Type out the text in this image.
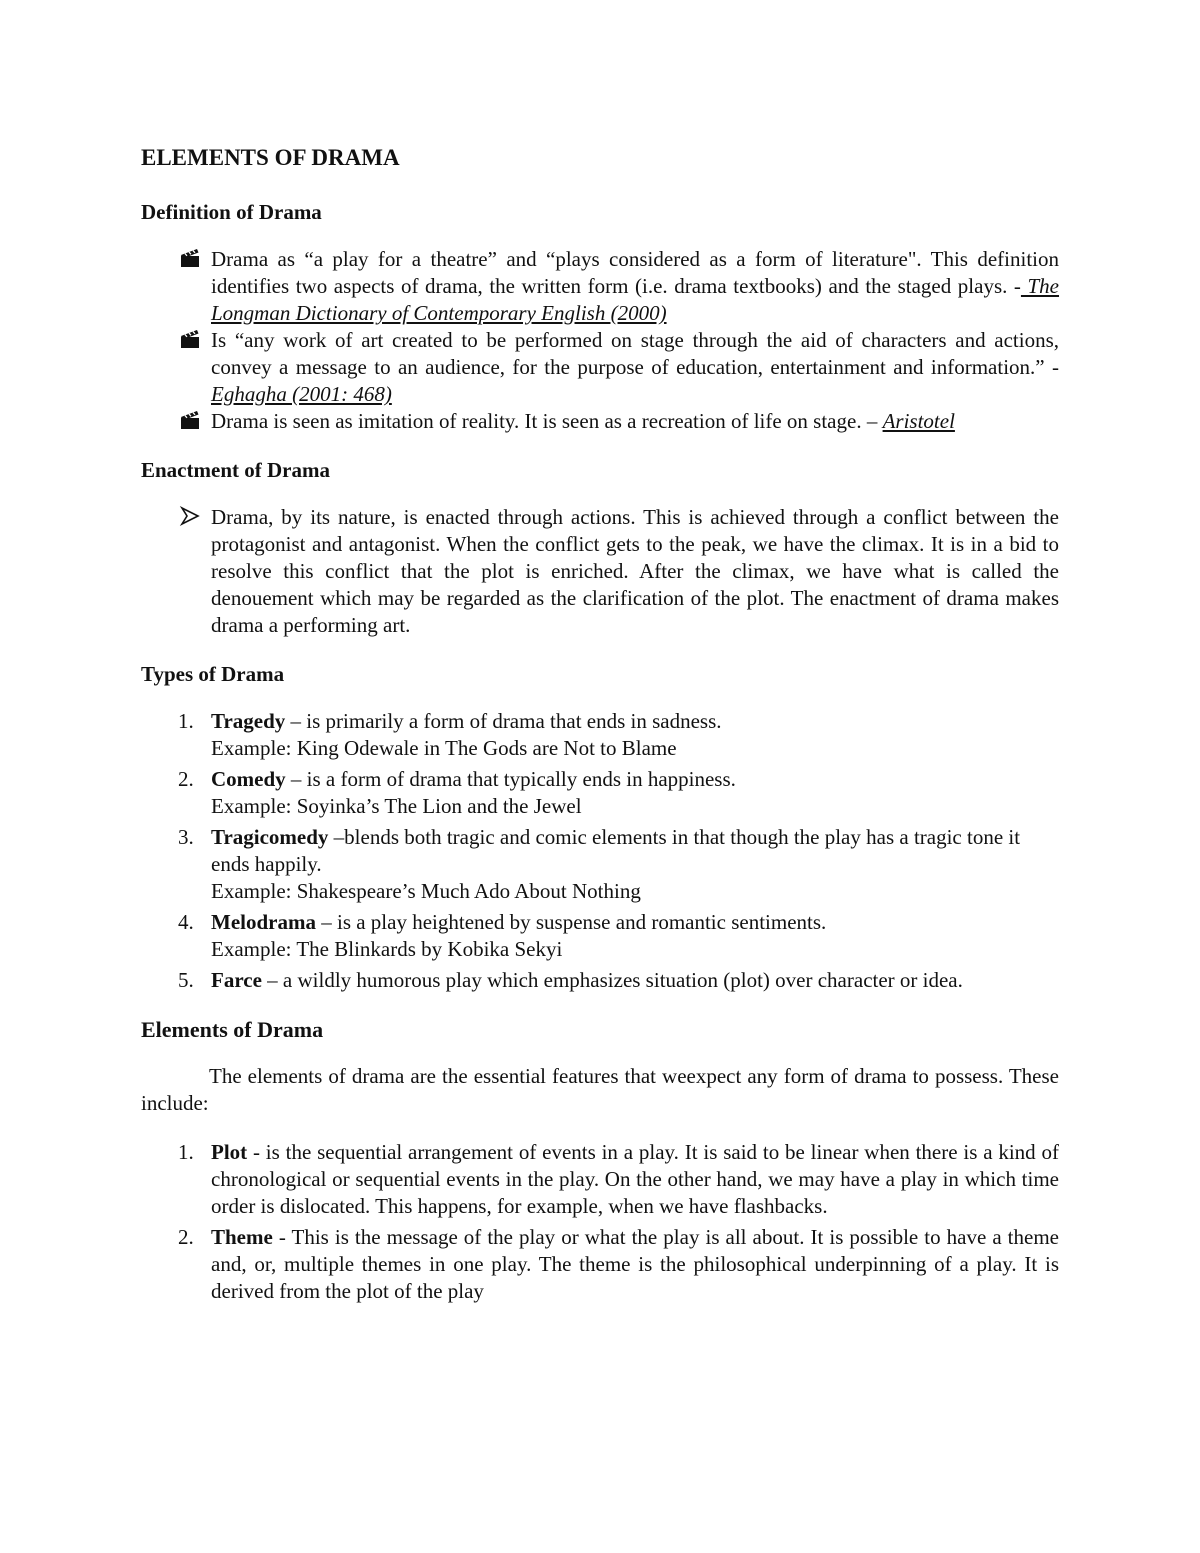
ELEMENTS OF DRAMA
Definition of Drama
Drama as “a play for a theatre” and “plays considered as a form of literature". This definition identifies two aspects of drama, the written form (i.e. drama textbooks) and the staged plays. - The Longman Dictionary of Contemporary English (2000)
Is “any work of art created to be performed on stage through the aid of characters and actions, convey a message to an audience, for the purpose of education, entertainment and information.” - Eghagha (2001: 468)
Drama is seen as imitation of reality. It is seen as a recreation of life on stage. – Aristotel
Enactment of Drama
Drama, by its nature, is enacted through actions. This is achieved through a conflict between the protagonist and antagonist. When the conflict gets to the peak, we have the climax. It is in a bid to resolve this conflict that the plot is enriched. After the climax, we have what is called the denouement which may be regarded as the clarification of the plot. The enactment of drama makes drama a performing art.
Types of Drama
1. Tragedy – is primarily a form of drama that ends in sadness.
Example: King Odewale in The Gods are Not to Blame
2. Comedy – is a form of drama that typically ends in happiness.
Example: Soyinka’s The Lion and the Jewel
3. Tragicomedy –blends both tragic and comic elements in that though the play has a tragic tone it ends happily.
Example: Shakespeare’s Much Ado About Nothing
4. Melodrama – is a play heightened by suspense and romantic sentiments.
Example: The Blinkards by Kobika Sekyi
5. Farce – a wildly humorous play which emphasizes situation (plot) over character or idea.
Elements of Drama

The elements of drama are the essential features that weexpect any form of drama to possess. These include:

1. Plot - is the sequential arrangement of events in a play. It is said to be linear when there is a kind of chronological or sequential events in the play. On the other hand, we may have a play in which time order is dislocated. This happens, for example, when we have flashbacks.
2. Theme - This is the message of the play or what the play is all about. It is possible to have a theme and, or, multiple themes in one play. The theme is the philosophical underpinning of a play. It is derived from the plot of the play
